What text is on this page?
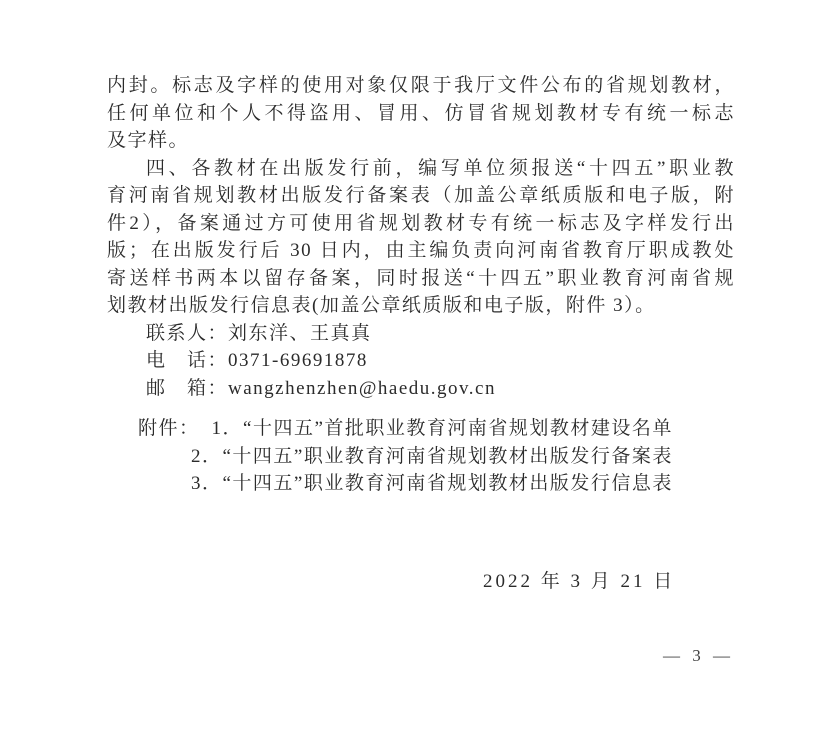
内封。标志及字样的使用对象仅限于我厅文件公布的省规划教材，

任何单位和个人不得盗用、冒用、仿冒省规划教材专有统一标志

及字样。

四、各教材在出版发行前，编写单位须报送“十四五”职业教

育河南省规划教材出版发行备案表（加盖公章纸质版和电子版，附

件2），备案通过方可使用省规划教材专有统一标志及字样发行出

版；在出版发行后 30 日内，由主编负责向河南省教育厅职成教处

寄送样书两本以留存备案，同时报送“十四五”职业教育河南省规

划教材出版发行信息表(加盖公章纸质版和电子版，附件 3）。

联系人：刘东洋、王真真

电　话：0371-69691878

邮　箱：wangzhenzhen@haedu.gov.cn

附件： 1．“十四五”首批职业教育河南省规划教材建设名单

2．“十四五”职业教育河南省规划教材出版发行备案表

3．“十四五”职业教育河南省规划教材出版发行信息表

2022 年 3 月 21 日

— 3 —
